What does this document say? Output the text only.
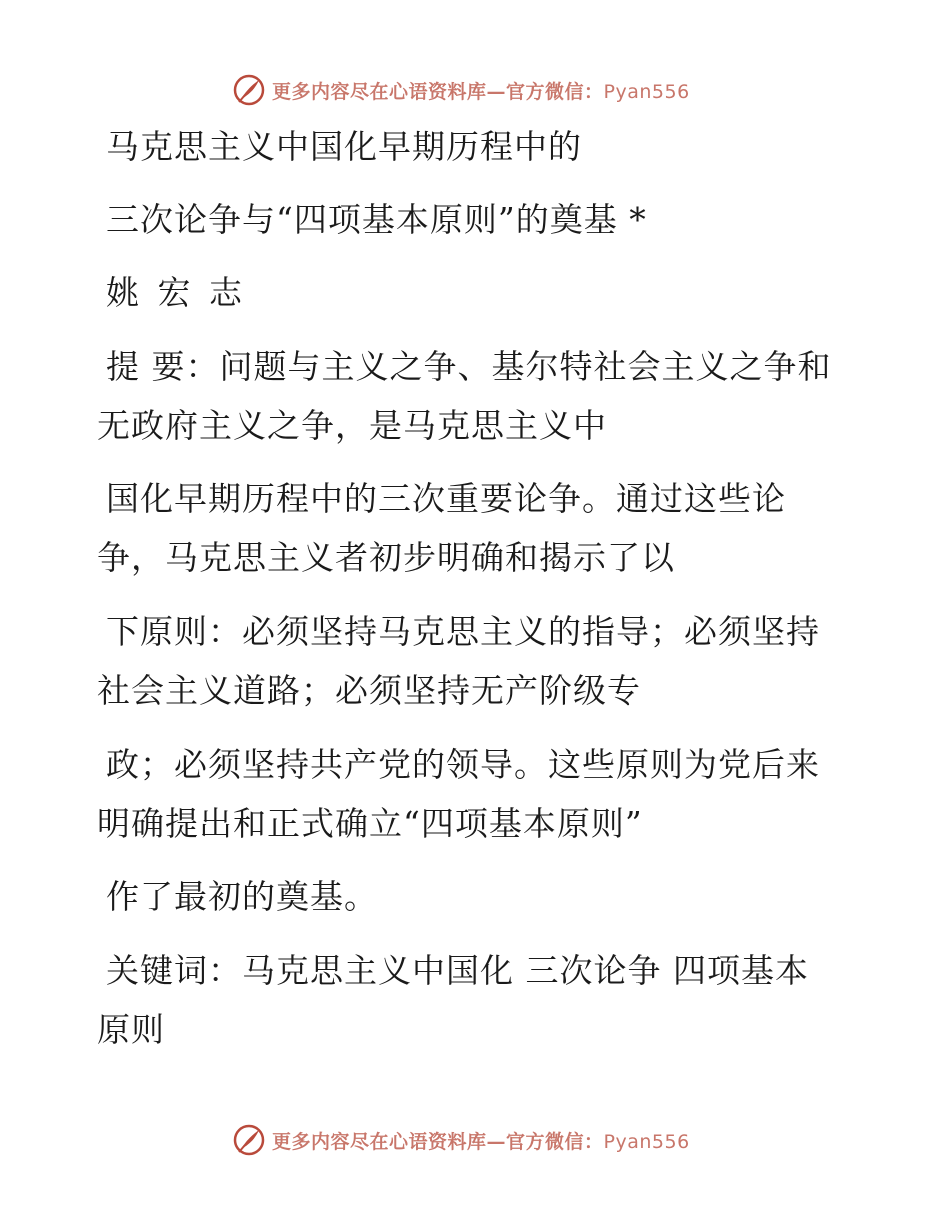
更多内容尽在心语资料库—官方微信：Pyan556
马克思主义中国化早期历程中的
三次论争与“四项基本原则”的奠基 *
姚 宏 志
提 要：问题与主义之争、基尔特社会主义之争和
无政府主义之争，是马克思主义中
国化早期历程中的三次重要论争。通过这些论
争，马克思主义者初步明确和揭示了以
下原则：必须坚持马克思主义的指导；必须坚持
社会主义道路；必须坚持无产阶级专
政；必须坚持共产党的领导。这些原则为党后来
明确提出和正式确立“四项基本原则”
作了最初的奠基。
关键词：马克思主义中国化 三次论争 四项基本
原则
更多内容尽在心语资料库—官方微信：Pyan556
